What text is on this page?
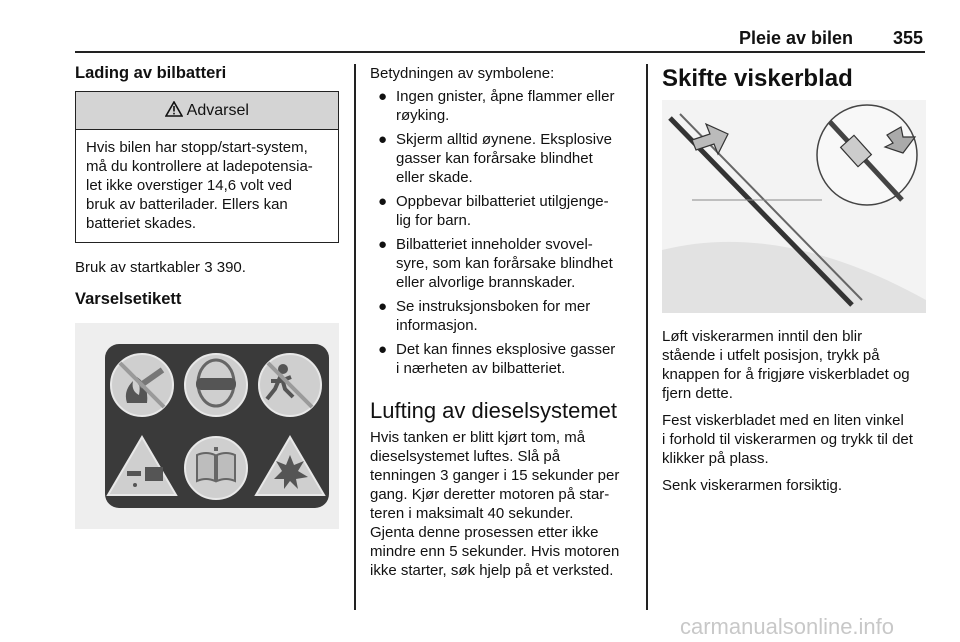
Pleie av bilen 355
Lading av bilbatteri
Advarsel
Hvis bilen har stopp/start-system,
må du kontrollere at ladepotensia-
let ikke overstiger 14,6 volt ved
bruk av batterilader. Ellers kan
batteriet skades.

Bruk av startkabler 3 390.

Varselsetikett

Betydningen av symbolene:

● Ingen gnister, åpne flammer eller
røyking.
● Skjerm alltid øynene. Eksplosive
gasser kan forårsake blindhet
eller skade.
● Oppbevar bilbatteriet utilgjenge-
lig for barn.
● Bilbatteriet inneholder svovel-
syre, som kan forårsake blindhet
eller alvorlige brannskader.
● Se instruksjonsboken for mer
informasjon.
● Det kan finnes eksplosive gasser
i nærheten av bilbatteriet.
Lufting av dieselsystemet
Hvis tanken er blitt kjørt tom, må
dieselsystemet luftes. Slå på
tenningen 3 ganger i 15 sekunder per
gang. Kjør deretter motoren på star-
teren i maksimalt 40 sekunder.
Gjenta denne prosessen etter ikke
mindre enn 5 sekunder. Hvis motoren
ikke starter, søk hjelp på et verksted.
Skifte viskerblad
Løft viskerarmen inntil den blir
stående i utfelt posisjon, trykk på
knappen for å frigjøre viskerbladet og
fjern dette.
Fest viskerbladet med en liten vinkel
i forhold til viskerarmen og trykk til det
klikker på plass.

Senk viskerarmen forsiktig.

carmanualsonline.info
